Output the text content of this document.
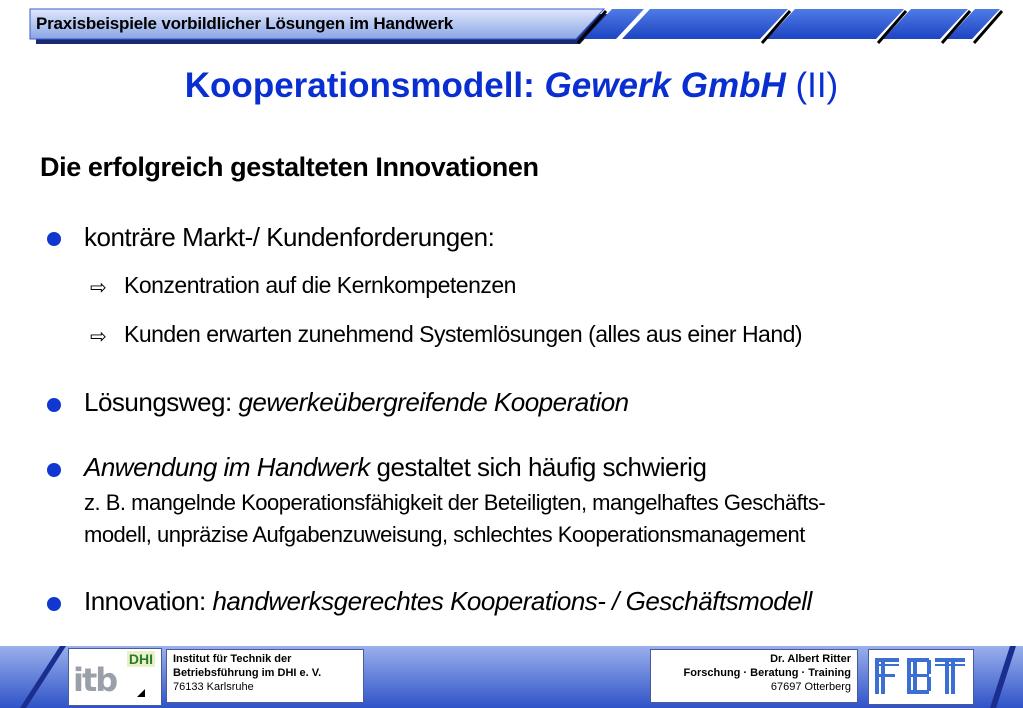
Praxisbeispiele vorbildlicher Lösungen im Handwerk
Kooperationsmodell: Gewerk GmbH (II)
Die erfolgreich gestalteten Innovationen
konträre Markt-/ Kundenforderungen:
⇨ Konzentration auf die Kernkompetenzen
⇨ Kunden erwarten zunehmend Systemlösungen (alles aus einer Hand)
Lösungsweg: gewerkeübergreifende Kooperation
Anwendung im Handwerk gestaltet sich häufig schwierig
z. B. mangelnde Kooperationsfähigkeit der Beteiligten, mangelhaftes Geschäfts-
modell, unpräzise Aufgabenzuweisung, schlechtes Kooperationsmanagement
Innovation: handwerksgerechtes Kooperations- / Geschäftsmodell
itb
DHI Institut für Technik der
Betriebsführung im DHI e. V.
76133 Karlsruhe
Dr. Albert Ritter
Forschung · Beratung · Training
67697 Otterberg
